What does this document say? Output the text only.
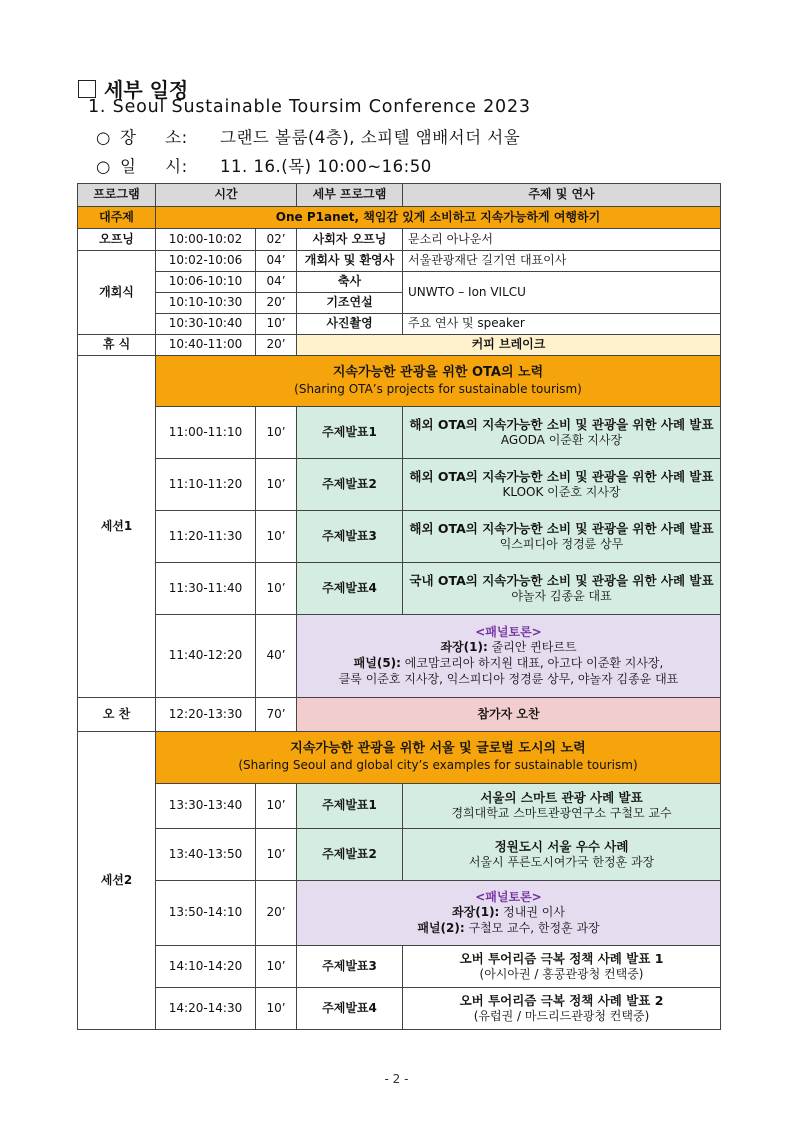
세부 일정
1. Seoul Sustainable Toursim Conference 2023
○ 장     소: 그랜드 볼룸(4층), 소피텔 앰배서더 서울
○ 일     시: 11. 16.(목) 10:00~16:50
프로그램	시간		세부 프로그램	주제 및 연사
대주제	One P1anet, 책임감 있게 소비하고 지속가능하게 여행하기			
오프닝	10:00-10:02	02’	사회자 오프닝	문소리 아나운서
개회식	10:02-10:06	04’	개회사 및 환영사	서울관광재단 길기연 대표이사
	10:06-10:10	04’	축사	UNWTO – Ion VILCU
	10:10-10:30	20’	기조연설	
	10:30-10:40	10’	사진촬영	주요 연사 및 speaker
휴 식	10:40-11:00	20’	커피 브레이크	
세션1	지속가능한 관광을 위한 OTA의 노력
(Sharing OTA’s projects for sustainable tourism)			

	11:00-11:10	10’	주제발표1	해외 OTA의 지속가능한 소비 및 관광을 위한 사례 발표
AGODA 이준환 지사장

	11:10-11:20	10’	주제발표2	해외 OTA의 지속가능한 소비 및 관광을 위한 사례 발표
KLOOK 이준호 지사장

	11:20-11:30	10’	주제발표3	해외 OTA의 지속가능한 소비 및 관광을 위한 사례 발표
익스피디아 정경륜 상무

	11:30-11:40	10’	주제발표4	국내 OTA의 지속가능한 소비 및 관광을 위한 사례 발표
야놀자 김종윤 대표

	11:40-12:20	40’	<패널토론>
좌장(1): 줄리안 퀸타르트
패널(5): 에코맘코리아 하지원 대표, 아고다 이준환 지사장,
클룩 이준호 지사장, 익스피디아 정경륜 상무, 야놀자 김종윤 대표	

오 찬	12:20-13:30	70’	참가자 오찬	
세션2	지속가능한 관광을 위한 서울 및 글로벌 도시의 노력
(Sharing Seoul and global city’s examples for sustainable tourism)			

	13:30-13:40	10’	주제발표1	서울의 스마트 관광 사례 발표
경희대학교 스마트관광연구소 구철모 교수

	13:40-13:50	10’	주제발표2	정원도시 서울 우수 사례
서울시 푸른도시여가국 한정훈 과장

	13:50-14:10	20’	<패널토론>
좌장(1): 정내권 이사
패널(2): 구철모 교수, 한정훈 과장	

	14:10-14:20	10’	주제발표3	오버 투어리즘 극복 정책 사례 발표 1
(아시아권 / 홍콩관광청 컨택중)

	14:20-14:30	10’	주제발표4	오버 투어리즘 극복 정책 사례 발표 2
(유럽권 / 마드리드관광청 컨택중)
- 2 -
